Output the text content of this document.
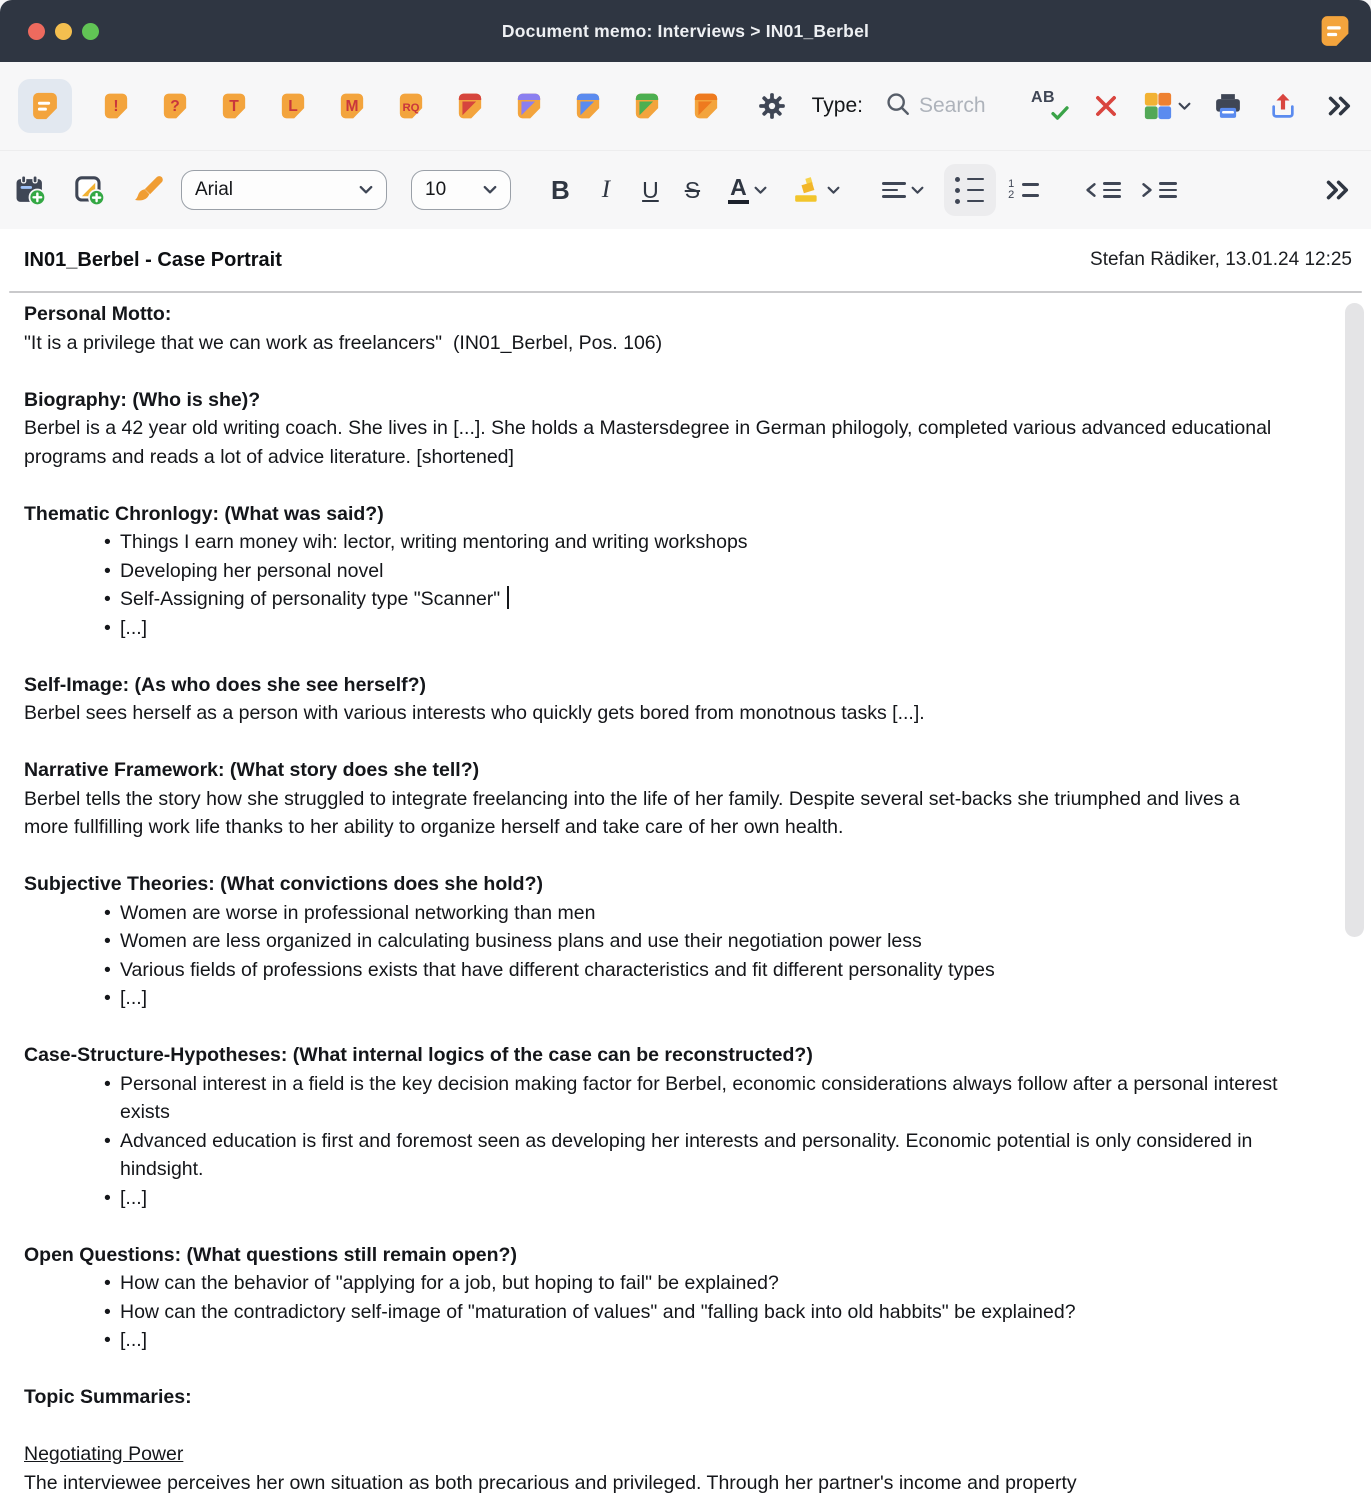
Document memo: Interviews > IN01_Berbel
!	?	T	L	M	RQ	Type:
Search	AB
Arial	10	B I U S A	1
2
IN01_Berbel - Case Portrait	Stefan Rädiker, 13.01.24 12:25
Personal Motto:
"It is a privilege that we can work as freelancers"  (IN01_Berbel, Pos. 106)
Biography: (Who is she)?
Berbel is a 42 year old writing coach. She lives in [...]. She holds a Mastersdegree in German philogoly, completed various advanced educational programs and reads a lot of advice literature. [shortened]
Thematic Chronlogy: (What was said?)
• Things I earn money wih: lector, writing mentoring and writing workshops
• Developing her personal novel
• Self-Assigning of personality type "Scanner"
• [...]
Self-Image: (As who does she see herself?)
Berbel sees herself as a person with various interests who quickly gets bored from monotnous tasks [...].
Narrative Framework: (What story does she tell?)
Berbel tells the story how she struggled to integrate freelancing into the life of her family. Despite several set-backs she triumphed and lives a more fullfilling work life thanks to her ability to organize herself and take care of her own health.
Subjective Theories: (What convictions does she hold?)
• Women are worse in professional networking than men
• Women are less organized in calculating business plans and use their negotiation power less
• Various fields of professions exists that have different characteristics and fit different personality types
• [...]
Case-Structure-Hypotheses: (What internal logics of the case can be reconstructed?)
• Personal interest in a field is the key decision making factor for Berbel, economic considerations always follow after a personal interest exists
• Advanced education is first and foremost seen as developing her interests and personality. Economic potential is only considered in hindsight.
• [...]
Open Questions: (What questions still remain open?)
• How can the behavior of "applying for a job, but hoping to fail" be explained?
• How can the contradictory self-image of "maturation of values" and "falling back into old habbits" be explained?
• [...]
Topic Summaries:
Negotiating Power
The interviewee perceives her own situation as both precarious and privileged. Through her partner's income and property
